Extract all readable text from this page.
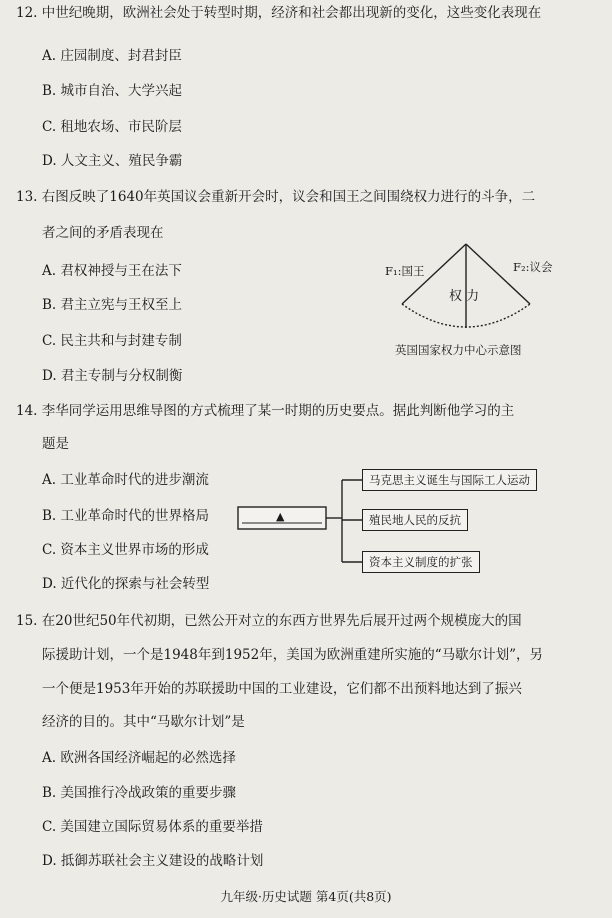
12. 中世纪晚期，欧洲社会处于转型时期，经济和社会都出现新的变化，这些变化表现在
A. 庄园制度、封君封臣
B. 城市自治、大学兴起
C. 租地农场、市民阶层
D. 人文主义、殖民争霸
13. 右图反映了1640年英国议会重新开会时，议会和国王之间围绕权力进行的斗争，二
者之间的矛盾表现在
A. 君权神授与王在法下
B. 君主立宪与王权至上
C. 民主共和与封建专制
D. 君主专制与分权制衡
F₁:国王	F₂:议会
权 力
英国国家权力中心示意图
14. 李华同学运用思维导图的方式梳理了某一时期的历史要点。据此判断他学习的主
题是
A. 工业革命时代的进步潮流
B. 工业革命时代的世界格局
C. 资本主义世界市场的形成
D. 近代化的探索与社会转型
▲
马克思主义诞生与国际工人运动
殖民地人民的反抗
资本主义制度的扩张
15. 在20世纪50年代初期，已然公开对立的东西方世界先后展开过两个规模庞大的国
际援助计划，一个是1948年到1952年，美国为欧洲重建所实施的“马歇尔计划”，另
一个便是1953年开始的苏联援助中国的工业建设，它们都不出预料地达到了振兴
经济的目的。其中“马歇尔计划”是
A. 欧洲各国经济崛起的必然选择
B. 美国推行冷战政策的重要步骤
C. 美国建立国际贸易体系的重要举措
D. 抵御苏联社会主义建设的战略计划
九年级·历史试题 第4页(共8页)
